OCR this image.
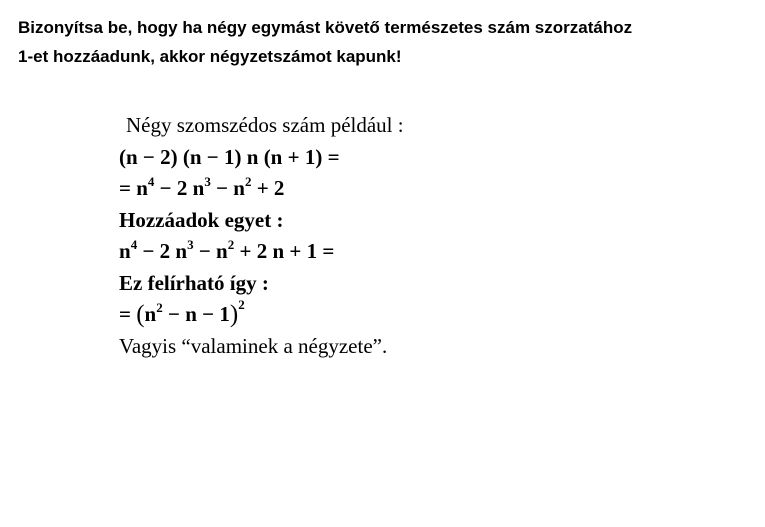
Bizonyítsa be, hogy ha négy egymást követő természetes szám szorzatához
1-et hozzáadunk, akkor négyzetszámot kapunk!
Négy szomszédos szám például :
(n − 2) (n − 1) n (n + 1) =
= $n^4 - 2$ $n^3 - n^2 + 2$
Hozzáadok egyet :
$n^4 - 2$ $n^3 - n^2 + 2$ n + 1 =
Ez felírható így :
= $(n^2 - n - 1)^2$
Vagyis “valaminek a négyzete”.
